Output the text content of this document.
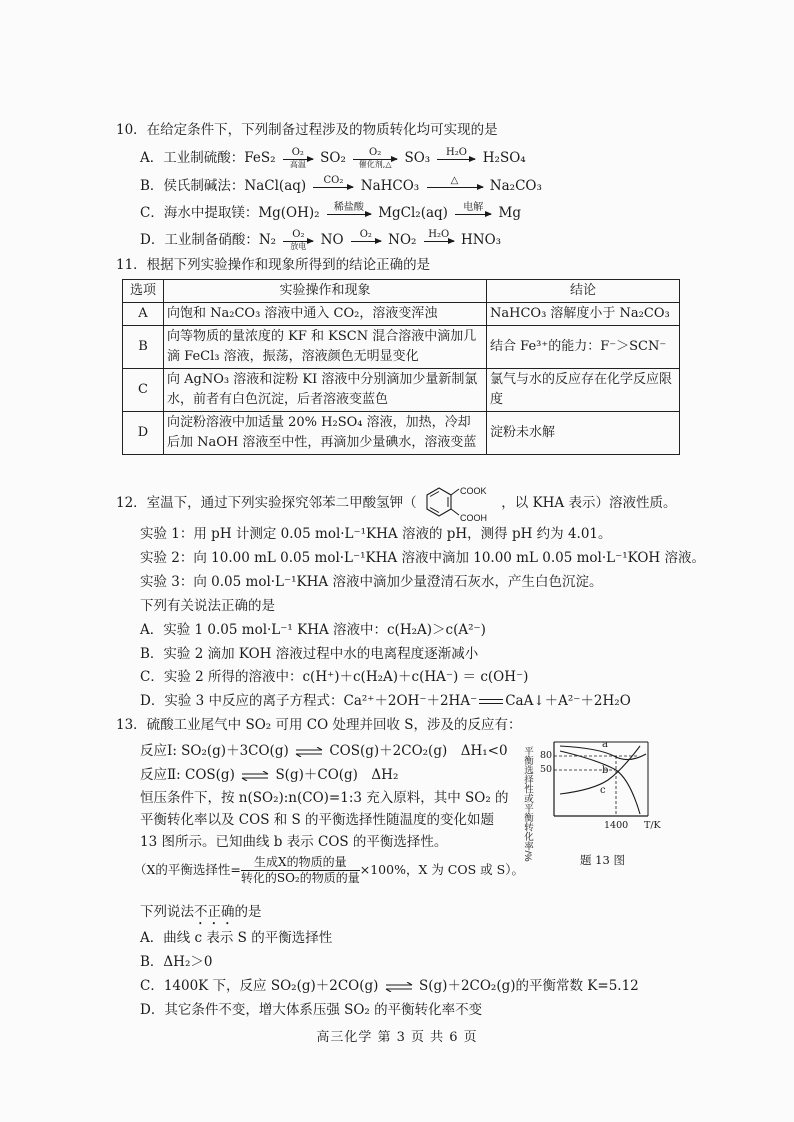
10．在给定条件下，下列制备过程涉及的物质转化均可实现的是
A．工业制硫酸：FeS₂	O₂
高温	SO₂	O₂
催化剂,△ SO₃	H₂O
	H₂SO₄
B．侯氏制碱法：NaCl(aq)	CO₂
	NaHCO₃	△
	Na₂CO₃
C．海水中提取镁：Mg(OH)₂	稀盐酸
	MgCl₂(aq)	电解
	Mg
D．工业制备硝酸：N₂	O₂
放电	NO	O₂
	NO₂	H₂O
HNO₃
11．根据下列实验操作和现象所得到的结论正确的是
选项	实验操作和现象	结论
A	向饱和 Na₂CO₃ 溶液中通入 CO₂，溶液变浑浊	NaHCO₃ 溶解度小于 Na₂CO₃
B	向等物质的量浓度的 KF 和 KSCN 混合溶液中滴加几滴 FeCl₃ 溶液，振荡，溶液颜色无明显变化	结合 Fe³⁺的能力：F⁻＞SCN⁻
C	向 AgNO₃ 溶液和淀粉 KI 溶液中分别滴加少量新制氯水，前者有白色沉淀，后者溶液变蓝色	氯气与水的反应存在化学反应限度
D	向淀粉溶液中加适量 20% H₂SO₄ 溶液，加热，冷却后加 NaOH 溶液至中性，再滴加少量碘水，溶液变蓝	淀粉未水解
12．室温下，通过下列实验探究邻苯二甲酸氢钾（
COOK
COOH
，以 KHA 表示）溶液性质。
实验 1：用 pH 计测定 0.05 mol·L⁻¹KHA 溶液的 pH，测得 pH 约为 4.01。
实验 2：向 10.00 mL 0.05 mol·L⁻¹KHA 溶液中滴加 10.00 mL 0.05 mol·L⁻¹KOH 溶液。
实验 3：向 0.05 mol·L⁻¹KHA 溶液中滴加少量澄清石灰水，产生白色沉淀。
下列有关说法正确的是
A．实验 1 0.05 mol·L⁻¹ KHA 溶液中：c(H₂A)＞c(A²⁻)
B．实验 2 滴加 KOH 溶液过程中水的电离程度逐渐减小
C．实验 2 所得的溶液中：c(H⁺)＋c(H₂A)＋c(HA⁻) ＝ c(OH⁻)
D．实验 3 中反应的离子方程式：Ca²⁺＋2OH⁻＋2HA⁻ CaA↓＋A²⁻＋2H₂O
13．硫酸工业尾气中 SO₂ 可用 CO 处理并回收 S，涉及的反应有：
反应Ⅰ: SO₂(g)＋3CO(g) ⇌ COS(g)＋2CO₂(g)　ΔH₁<0
反应Ⅱ: COS(g) ⇌ S(g)＋CO(g)　ΔH₂
恒压条件下，按 n(SO₂):n(CO)=1:3 充入原料，其中 SO₂ 的
平衡转化率以及 COS 和 S 的平衡选择性随温度的变化如题
13 图所示。已知曲线 b 表示 COS 的平衡选择性。
（X的平衡选择性= $\frac{\text{生成X的物质的量}}{\text{转化的SO₂的物质的量}} \times 100\%$，X 为 COS 或 S）。
下列说法不正确的是
A．曲线 c 表示 S 的平衡选择性
B．ΔH₂＞0
C．1400K 下，反应 SO₂(g)＋2CO(g) ⇌ S(g)＋2CO₂(g)的平衡常数 K=5.12
D．其它条件不变，增大体系压强 SO₂ 的平衡转化率不变
平衡选择性或平衡转化率/%
a
b
c
80
50
1400 T/K
题 13 图
高三化学 第 3 页 共 6 页
